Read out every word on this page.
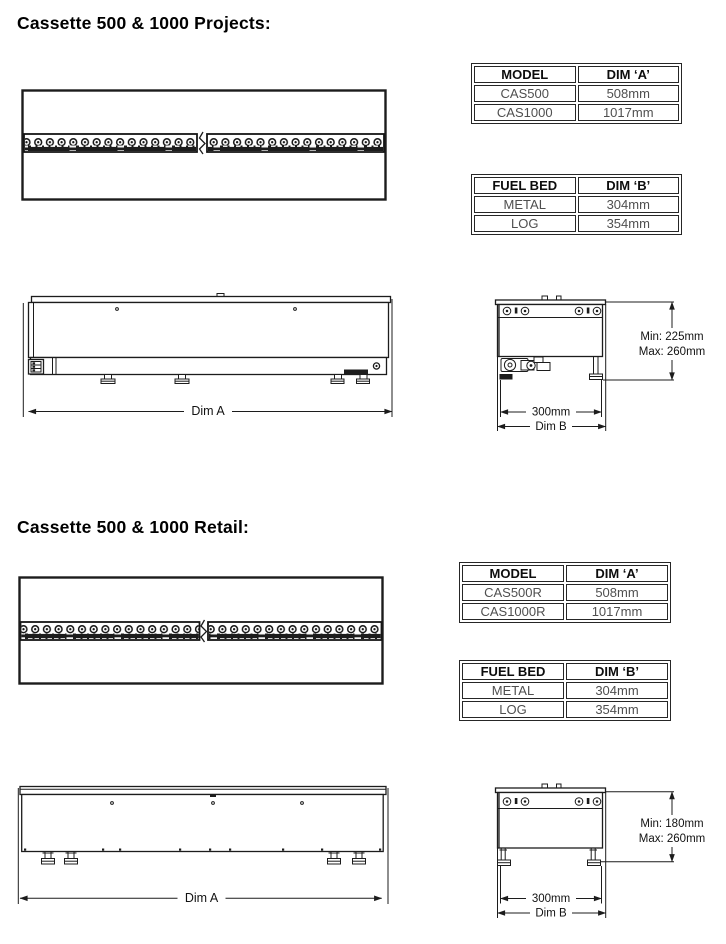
Cassette 500 & 1000 Projects:
MODEL	DIM ‘A’
CAS500	508mm
CAS1000	1017mm
FUEL BED	DIM ‘B’
METAL	304mm
LOG	354mm
Dim A
Min: 225mm
Max: 260mm
300mm
Dim B
Cassette 500 & 1000 Retail:
MODEL	DIM ‘A’
CAS500R	508mm
CAS1000R	1017mm
FUEL BED	DIM ‘B’
METAL	304mm
LOG	354mm
Dim A
Min: 180mm
Max: 260mm
300mm
Dim B
